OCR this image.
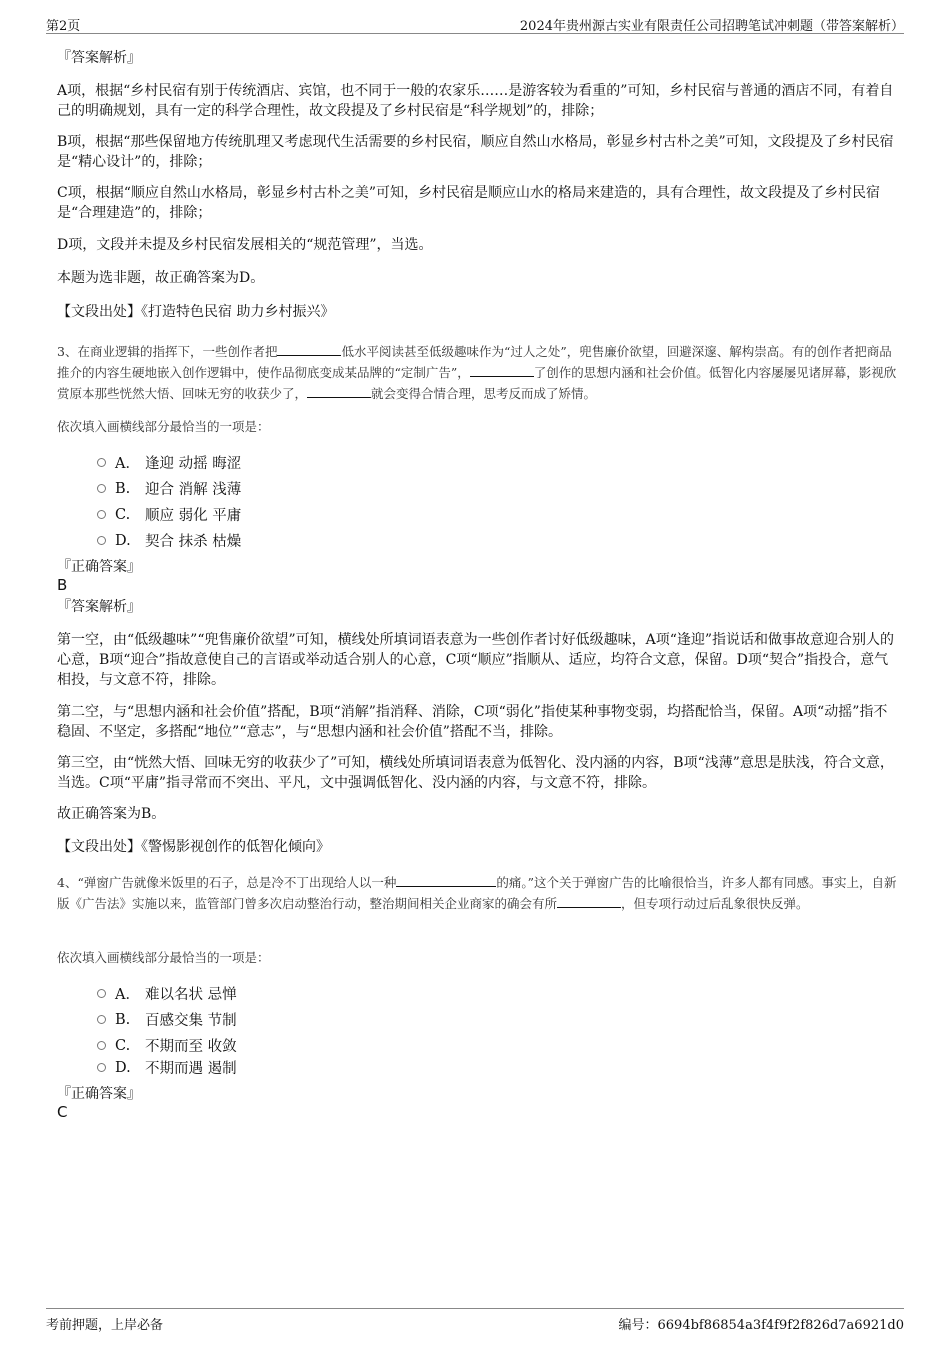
第2页	2024年贵州源古实业有限责任公司招聘笔试冲刺题（带答案解析）
『答案解析』
A项，根据“乡村民宿有别于传统酒店、宾馆，也不同于一般的农家乐……是游客较为看重的”可知，乡村民宿与普通的酒店不同，有着自己的明确规划，具有一定的科学合理性，故文段提及了乡村民宿是“科学规划”的，排除；
B项，根据“那些保留地方传统肌理又考虑现代生活需要的乡村民宿，顺应自然山水格局，彰显乡村古朴之美”可知，文段提及了乡村民宿是“精心设计”的，排除；
C项，根据“顺应自然山水格局，彰显乡村古朴之美”可知，乡村民宿是顺应山水的格局来建造的，具有合理性，故文段提及了乡村民宿是“合理建造”的，排除；
D项，文段并未提及乡村民宿发展相关的“规范管理”，当选。
本题为选非题，故正确答案为D。
【文段出处】《打造特色民宿 助力乡村振兴》
3、在商业逻辑的指挥下，一些创作者把	低水平阅读甚至低级趣味作为“过人之处”，兜售廉价欲望，回避深邃、解构崇高。有的创作者把商品推介的内容生硬地嵌入创作逻辑中，使作品彻底变成某品牌的“定制广告”，	了创作的思想内涵和社会价值。低智化内容屡屡见诸屏幕，影视欣赏原本那些恍然大悟、回味无穷的收获少了，	就会变得合情合理，思考反而成了矫情。
依次填入画横线部分最恰当的一项是：
A． 逢迎 动摇 晦涩
B.	迎合 消解 浅薄
C.	顺应 弱化 平庸
D. 契合 抹杀 枯燥
『正确答案』
B
『答案解析』
第一空，由“低级趣味”“兜售廉价欲望”可知，横线处所填词语表意为一些创作者讨好低级趣味，A项“逢迎”指说话和做事故意迎合别人的心意，B项“迎合”指故意使自己的言语或举动适合别人的心意，C项“顺应”指顺从、适应，均符合文意，保留。D项“契合”指投合，意气相投，与文意不符，排除。
第二空，与“思想内涵和社会价值”搭配，B项“消解”指消释、消除，C项“弱化”指使某种事物变弱，均搭配恰当，保留。A项“动摇”指不稳固、不坚定，多搭配“地位”“意志”，与“思想内涵和社会价值”搭配不当，排除。
第三空，由“恍然大悟、回味无穷的收获少了”可知，横线处所填词语表意为低智化、没内涵的内容，B项“浅薄”意思是肤浅，符合文意，当选。C项“平庸”指寻常而不突出、平凡，文中强调低智化、没内涵的内容，与文意不符，排除。
故正确答案为B。
【文段出处】《警惕影视创作的低智化倾向》
4、“弹窗广告就像米饭里的石子，总是冷不丁出现给人以一种	的痛。”这个关于弹窗广告的比喻很恰当，许多人都有同感。事实上，自新版《广告法》实施以来，监管部门曾多次启动整治行动，整治期间相关企业商家的确会有所	，但专项行动过后乱象很快反弹。
依次填入画横线部分最恰当的一项是：
A． 难以名状 忌惮
B.	百感交集 节制
C.	不期而至 收敛
D. 不期而遇 遏制
『正确答案』
C
考前押题，上岸必备	编号：6694bf86854a3f4f9f2f826d7a6921d0
